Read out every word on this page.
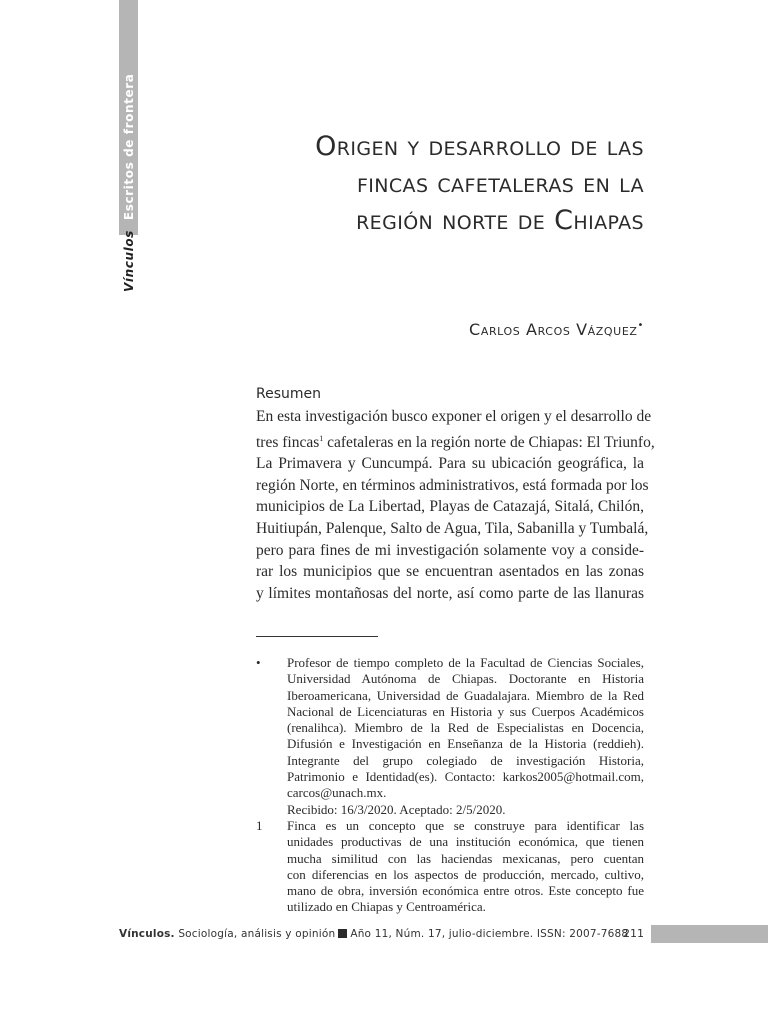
VínculosEscritos de frontera	Origen y desarrollo de las
fincas cafetaleras en la
región norte de Chiapas
Carlos Arcos Vázquez•
Resumen
En esta investigación busco exponer el origen y el desarrollo de
tres fincas$^1$ cafetaleras en la región norte de Chiapas: El Triunfo,
La Primavera y Cuncumpá. Para su ubicación geográfica, la
región Norte, en términos administrativos, está formada por los
municipios de La Libertad, Playas de Catazajá, Sitalá, Chilón,
Huitiupán, Palenque, Salto de Agua, Tila, Sabanilla y Tumbalá,
pero para fines de mi investigación solamente voy a conside-
rar los municipios que se encuentran asentados en las zonas
y límites montañosas del norte, así como parte de las llanuras
•	Profesor de tiempo completo de la Facultad de Ciencias Sociales,
Universidad Autónoma de Chiapas. Doctorante en Historia
Iberoamericana, Universidad de Guadalajara. Miembro de la Red
Nacional de Licenciaturas en Historia y sus Cuerpos Académicos
(renalihca). Miembro de la Red de Especialistas en Docencia,
Difusión e Investigación en Enseñanza de la Historia (reddieh).
Integrante del grupo colegiado de investigación Historia,
Patrimonio e Identidad(es). Contacto: karkos2005@hotmail.com,
carcos@unach.mx.
Recibido: 16/3/2020. Aceptado: 2/5/2020.
1	Finca es un concepto que se construye para identificar las
unidades productivas de una institución económica, que tienen
mucha similitud con las haciendas mexicanas, pero cuentan
con diferencias en los aspectos de producción, mercado, cultivo,
mano de obra, inversión económica entre otros. Este concepto fue
utilizado en Chiapas y Centroamérica.
Vínculos. Sociología, análisis y opinión Año 11, Núm. 17, julio-diciembre. ISSN: 2007-7688
211
